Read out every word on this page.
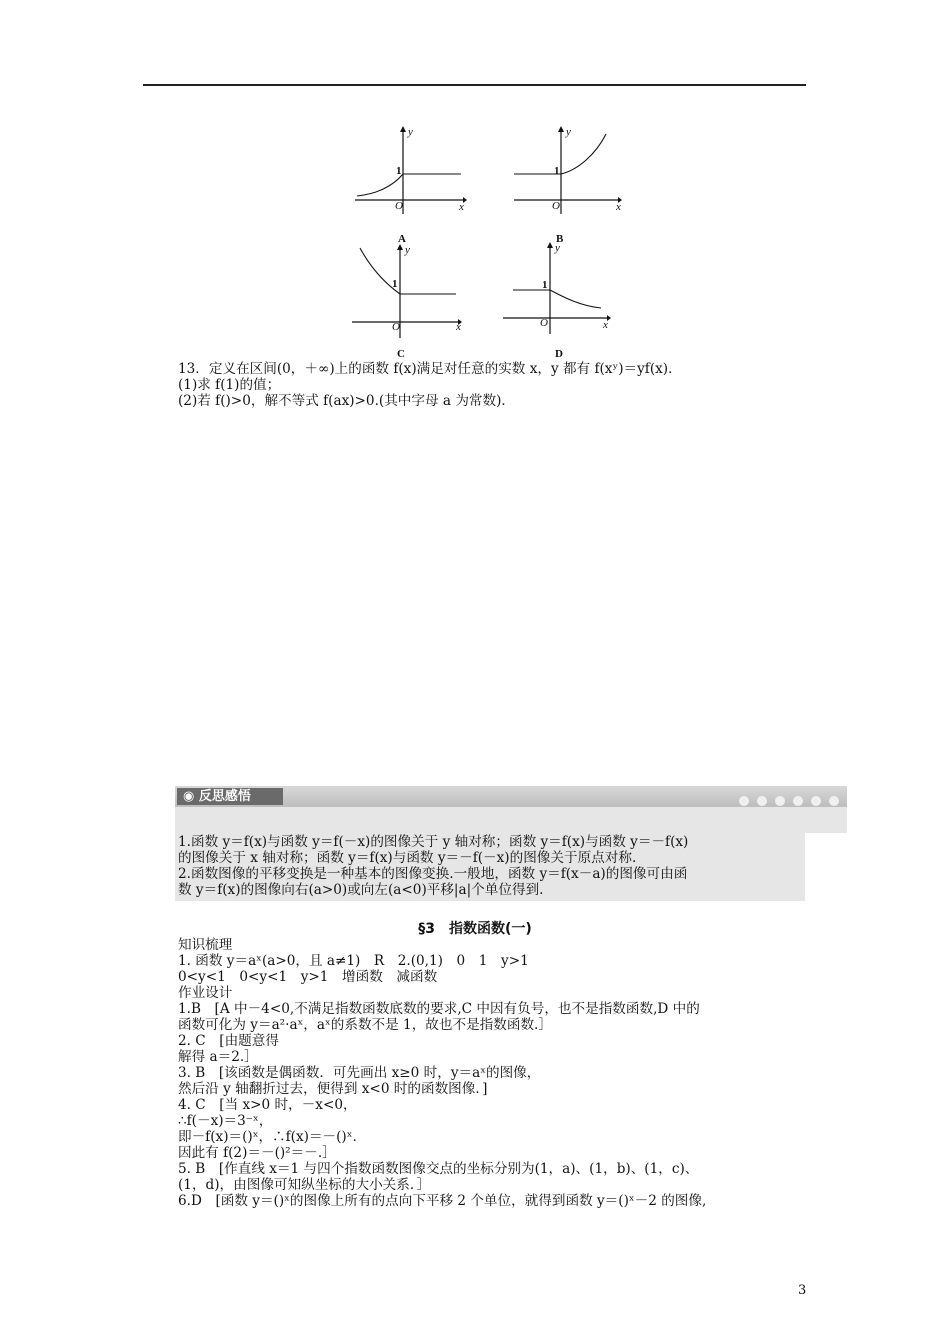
y
x
O
1
A
y
x
O
1
B
y
x
O
1
C
y
x
O
1
D
13．定义在区间(0，＋∞)上的函数 f(x)满足对任意的实数 x，y 都有 f(xʸ)＝yf(x)．
(1)求 f(1)的值；
(2)若 f()>0，解不等式 f(ax)>0.(其中字母 a 为常数)．
◉ 反思感悟
1.函数 y＝f(x)与函数 y＝f(－x)的图像关于 y 轴对称；函数 y＝f(x)与函数 y＝－f(x)
的图像关于 x 轴对称；函数 y＝f(x)与函数 y＝－f(－x)的图像关于原点对称.
2.函数图像的平移变换是一种基本的图像变换.一般地，函数 y＝f(x－a)的图像可由函
数 y＝f(x)的图像向右(a>0)或向左(a<0)平移|a|个单位得到.
§3　指数函数(一)
知识梳理
1. 函数 y＝aˣ(a>0，且 a≠1)　R　2.(0,1)　0　1　y>1
0<y<1　0<y<1　y>1　增函数　减函数
作业设计
1.B　[A 中－4<0,不满足指数函数底数的要求,C 中因有负号，也不是指数函数,D 中的
函数可化为 y＝a²·aˣ，aˣ的系数不是 1，故也不是指数函数.］
2. C　[由题意得
解得 a＝2.］
3. B　[该函数是偶函数．可先画出 x≥0 时，y＝aˣ的图像，
然后沿 y 轴翻折过去，便得到 x<0 时的函数图像．]
4. C　[当 x>0 时，－x<0，
∴f(－x)＝3⁻ˣ，
即－f(x)＝()ˣ，∴f(x)＝－()ˣ.
因此有 f(2)＝－()²＝－.］
5. B　[作直线 x＝1 与四个指数函数图像交点的坐标分别为(1，a)、(1，b)、(1，c)、
(1，d)，由图像可知纵坐标的大小关系．］
6.D　[函数 y＝()ˣ的图像上所有的点向下平移 2 个单位，就得到函数 y＝()ˣ－2 的图像,
3
